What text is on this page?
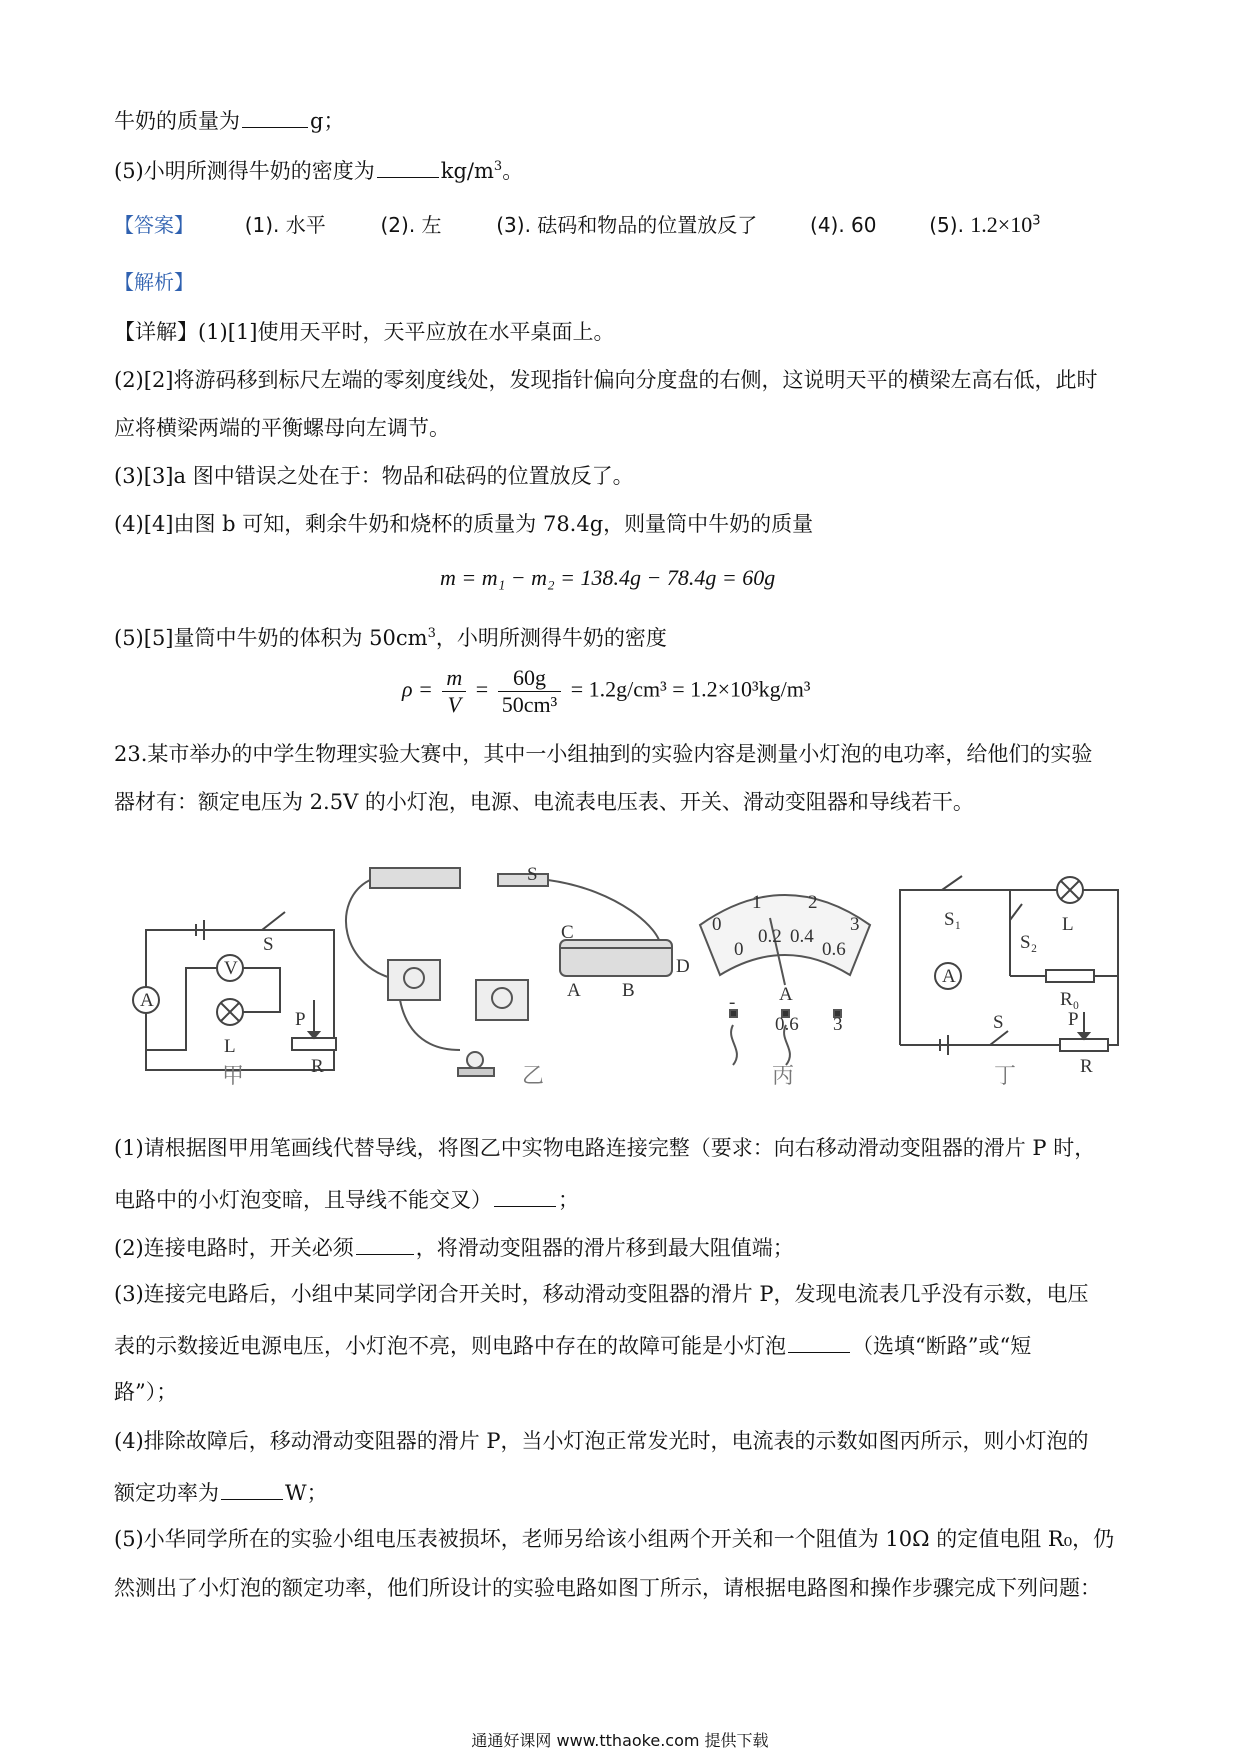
牛奶的质量为	g；
(5)小明所测得牛奶的密度为	$kg/m^3$。
【答案】	(1). 水平	(2). 左	(3). 砝码和物品的位置放反了	(4). 60	(5). $1.2\times 10^3$
【解析】
【详解】(1)[1]使用天平时，天平应放在水平桌面上。
(2)[2]将游码移到标尺左端的零刻度线处，发现指针偏向分度盘的右侧，这说明天平的横梁左高右低，此时
应将横梁两端的平衡螺母向左调节。
(3)[3]a 图中错误之处在于：物品和砝码的位置放反了。
(4)[4]由图 b 可知，剩余牛奶和烧杯的质量为 78.4g，则量筒中牛奶的质量
m = m₁ − m₂ = 138.4g − 78.4g = 60g
(5)[5]量筒中牛奶的体积为 $50cm^3$，小明所测得牛奶的密度
$\rho = \frac{m}{V} = \frac{60g}{\text{50cm³}} = 1.2g/cm^3 = 1.2\times 10^3kg/m^3$
23.某市举办的中学生物理实验大赛中，其中一小组抽到的实验内容是测量小灯泡的电功率，给他们的实验
器材有：额定电压为 2.5V 的小灯泡，电源、电流表电压表、开关、滑动变阻器和导线若干。
S
A
V
P
R
L
甲
C
D
A B
S
乙
0
1 2
3
0
0.2 0.4
0.6
A
-
0.6 3
丙
S₁
S₂
L
R₀
A
S	P
R
丁
(1)请根据图甲用笔画线代替导线，将图乙中实物电路连接完整（要求：向右移动滑动变阻器的滑片 P 时，
电路中的小灯泡变暗，且导线不能交叉）	；
(2)连接电路时，开关必须	，将滑动变阻器的滑片移到最大阻值端；
(3)连接完电路后，小组中某同学闭合开关时，移动滑动变阻器的滑片 P，发现电流表几乎没有示数，电压
表的示数接近电源电压，小灯泡不亮，则电路中存在的故障可能是小灯泡	（选填“断路”或“短
路”）；
(4)排除故障后，移动滑动变阻器的滑片 P，当小灯泡正常发光时，电流表的示数如图丙所示，则小灯泡的
额定功率为	W；
(5)小华同学所在的实验小组电压表被损坏，老师另给该小组两个开关和一个阻值为 10Ω 的定值电阻 R₀，仍
然测出了小灯泡的额定功率，他们所设计的实验电路如图丁所示，请根据电路图和操作步骤完成下列问题：
通通好课网 www.tthaoke.com 提供下载
